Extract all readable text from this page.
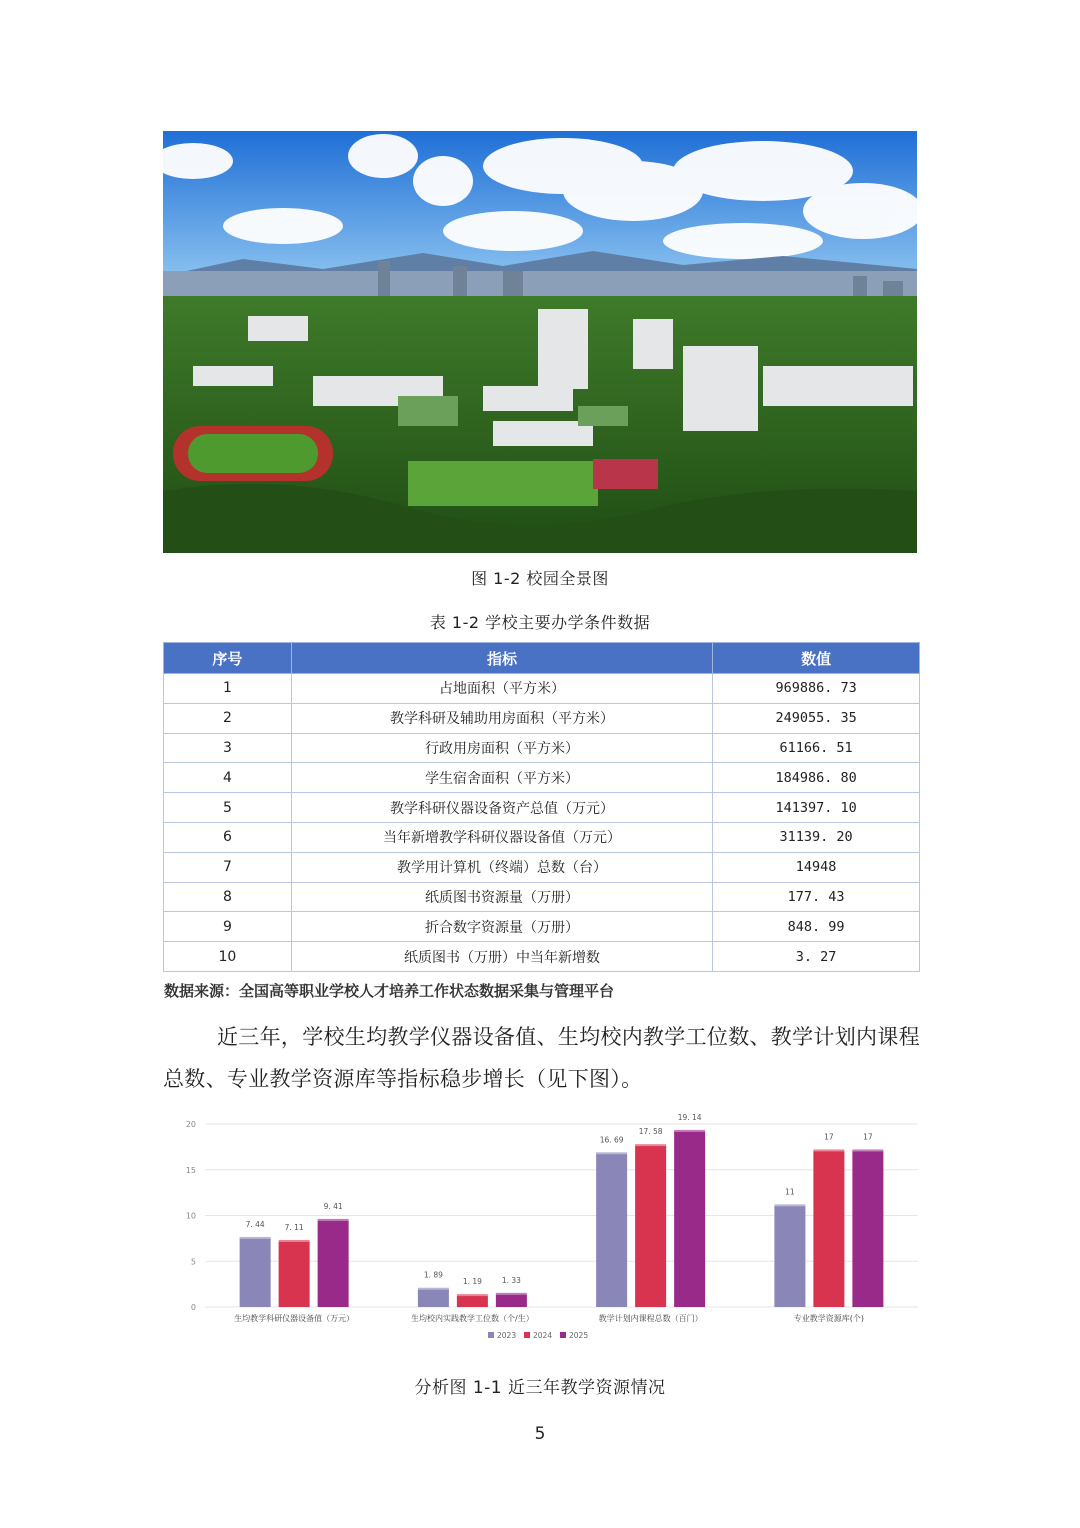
图 1-2 校园全景图
表 1-2 学校主要办学条件数据
序号	指标	数值
1	占地面积（平方米）	969886. 73
2	教学科研及辅助用房面积（平方米）	249055. 35
3	行政用房面积（平方米）	61166. 51
4	学生宿舍面积（平方米）	184986. 80
5	教学科研仪器设备资产总值（万元）	141397. 10
6	当年新增教学科研仪器设备值（万元）	31139. 20
7	教学用计算机（终端）总数（台）	14948
8	纸质图书资源量（万册）	177. 43
9	折合数字资源量（万册）	848. 99
10	纸质图书（万册）中当年新增数	3. 27
数据来源：全国高等职业学校人才培养工作状态数据采集与管理平台
近三年，学校生均教学仪器设备值、生均校内教学工位数、教学计划内课程总数、专业教学资源库等指标稳步增长（见下图）。
0
5
10
15
20
7. 44	7. 11
9. 41
生均教学科研仪器设备值（万元）
1. 89
1. 19	1. 33
生均校内实践教学工位数（个/生）
16. 69
17. 58
19. 14
教学计划内课程总数（百门）
11
17	17
专业教学资源库(个)
2023 2024 2025
分析图 1-1 近三年教学资源情况
5
